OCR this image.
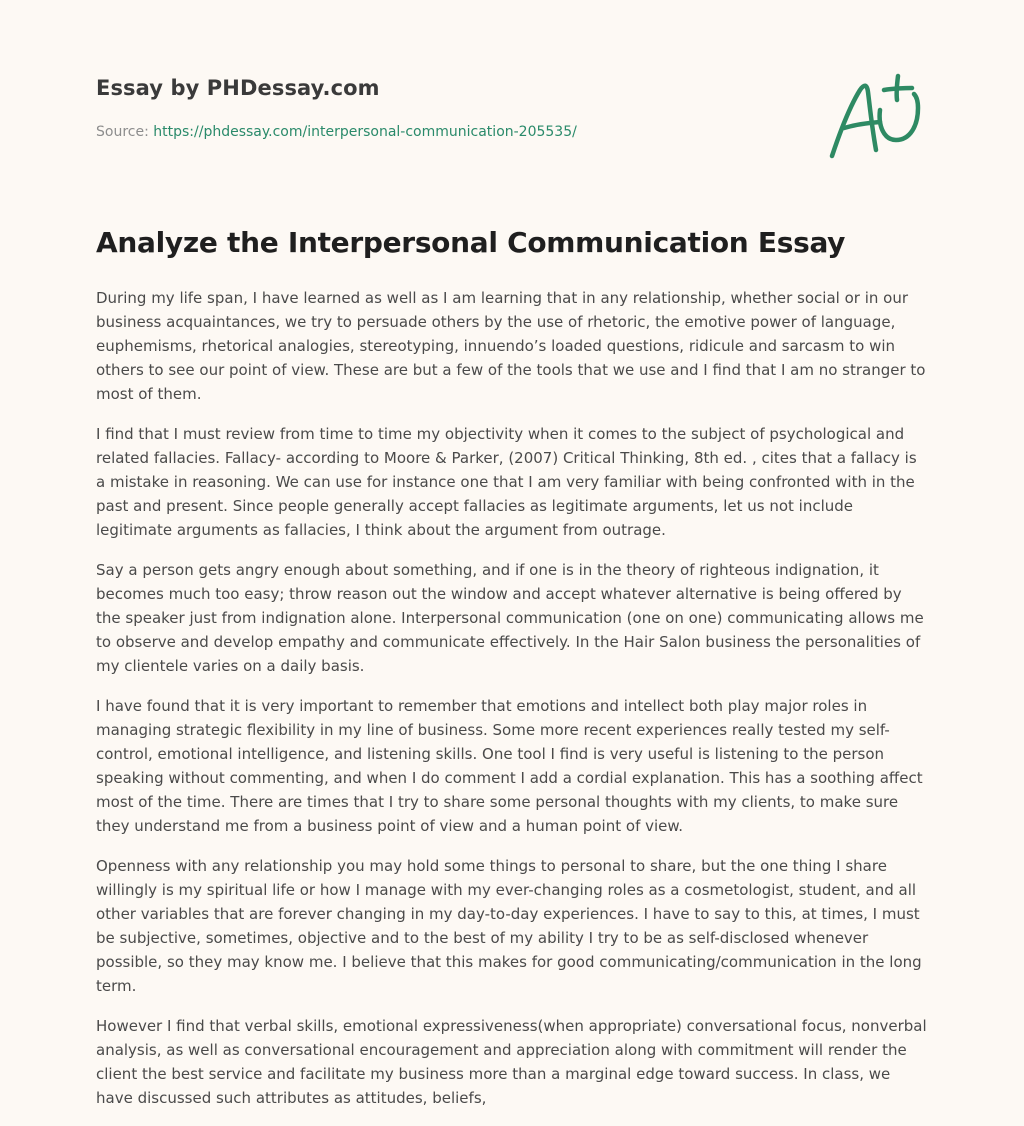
Essay by PHDessay.com
Source: https://phdessay.com/interpersonal-communication-205535/
Analyze the Interpersonal Communication Essay

During my life span, I have learned as well as I am learning that in any relationship, whether social or in our business acquaintances, we try to persuade others by the use of rhetoric, the emotive power of language, euphemisms, rhetorical analogies, stereotyping, innuendo’s loaded questions, ridicule and sarcasm to win others to see our point of view. These are but a few of the tools that we use and I find that I am no stranger to most of them.

I find that I must review from time to time my objectivity when it comes to the subject of psychological and related fallacies. Fallacy- according to Moore & Parker, (2007) Critical Thinking, 8th ed. , cites that a fallacy is a mistake in reasoning. We can use for instance one that I am very familiar with being confronted with in the past and present. Since people generally accept fallacies as legitimate arguments, let us not include legitimate arguments as fallacies, I think about the argument from outrage.

Say a person gets angry enough about something, and if one is in the theory of righteous indignation, it becomes much too easy; throw reason out the window and accept whatever alternative is being offered by the speaker just from indignation alone. Interpersonal communication (one on one) communicating allows me to observe and develop empathy and communicate effectively. In the Hair Salon business the personalities of my clientele varies on a daily basis.

I have found that it is very important to remember that emotions and intellect both play major roles in managing strategic flexibility in my line of business. Some more recent experiences really tested my self-control, emotional intelligence, and listening skills. One tool I find is very useful is listening to the person speaking without commenting, and when I do comment I add a cordial explanation. This has a soothing affect most of the time. There are times that I try to share some personal thoughts with my clients, to make sure they understand me from a business point of view and a human point of view.

Openness with any relationship you may hold some things to personal to share, but the one thing I share willingly is my spiritual life or how I manage with my ever-changing roles as a cosmetologist, student, and all other variables that are forever changing in my day-to-day experiences. I have to say to this, at times, I must be subjective, sometimes, objective and to the best of my ability I try to be as self-disclosed whenever possible, so they may know me. I believe that this makes for good communicating/communication in the long term.

However I find that verbal skills, emotional expressiveness(when appropriate) conversational focus, nonverbal analysis, as well as conversational encouragement and appreciation along with commitment will render the client the best service and facilitate my business more than a marginal edge toward success. In class, we have discussed such attributes as attitudes, beliefs,
